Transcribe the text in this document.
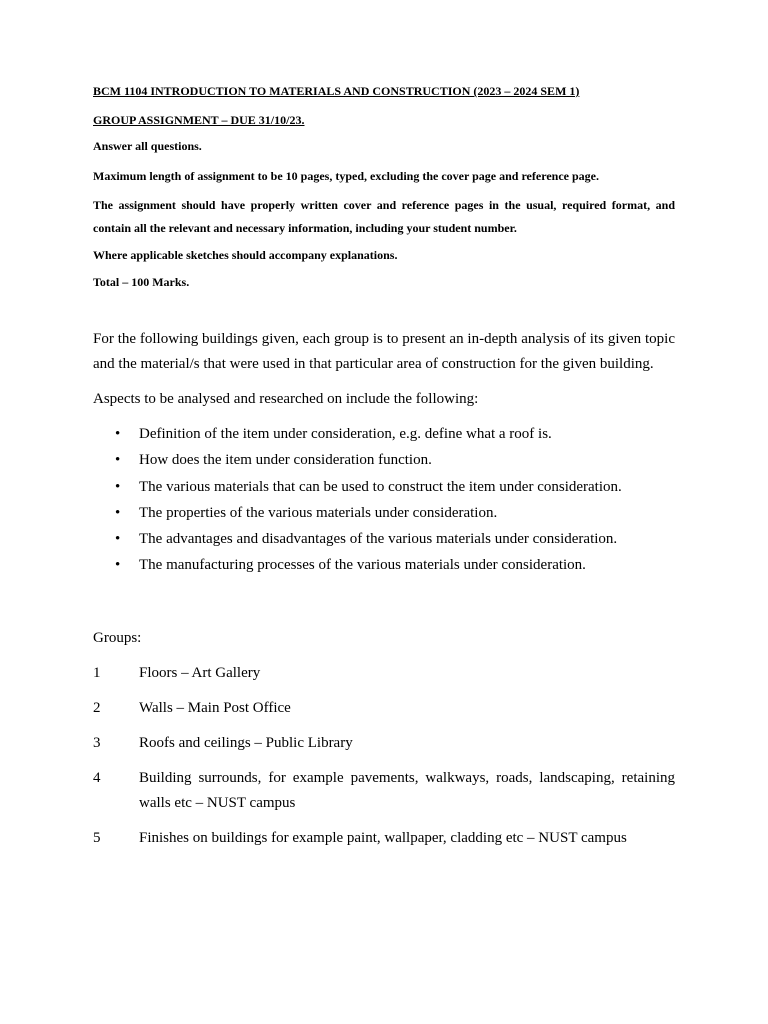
BCM 1104 INTRODUCTION TO MATERIALS AND CONSTRUCTION (2023 – 2024 SEM 1)

GROUP ASSIGNMENT – DUE 31/10/23.

Answer all questions.

Maximum length of assignment to be 10 pages, typed, excluding the cover page and reference page.

The assignment should have properly written cover and reference pages in the usual, required format, and contain all the relevant and necessary information, including your student number.

Where applicable sketches should accompany explanations.

Total – 100 Marks.

For the following buildings given, each group is to present an in-depth analysis of its given topic and the material/s that were used in that particular area of construction for the given building.

Aspects to be analysed and researched on include the following:

• Definition of the item under consideration, e.g. define what a roof is.
• How does the item under consideration function.
• The various materials that can be used to construct the item under consideration.
• The properties of the various materials under consideration.
• The advantages and disadvantages of the various materials under consideration.
• The manufacturing processes of the various materials under consideration.

Groups:

1	Floors – Art Gallery
2	Walls – Main Post Office
3	Roofs and ceilings – Public Library
4	Building surrounds, for example pavements, walkways, roads, landscaping, retaining walls etc – NUST campus
5	Finishes on buildings for example paint, wallpaper, cladding etc – NUST campus
